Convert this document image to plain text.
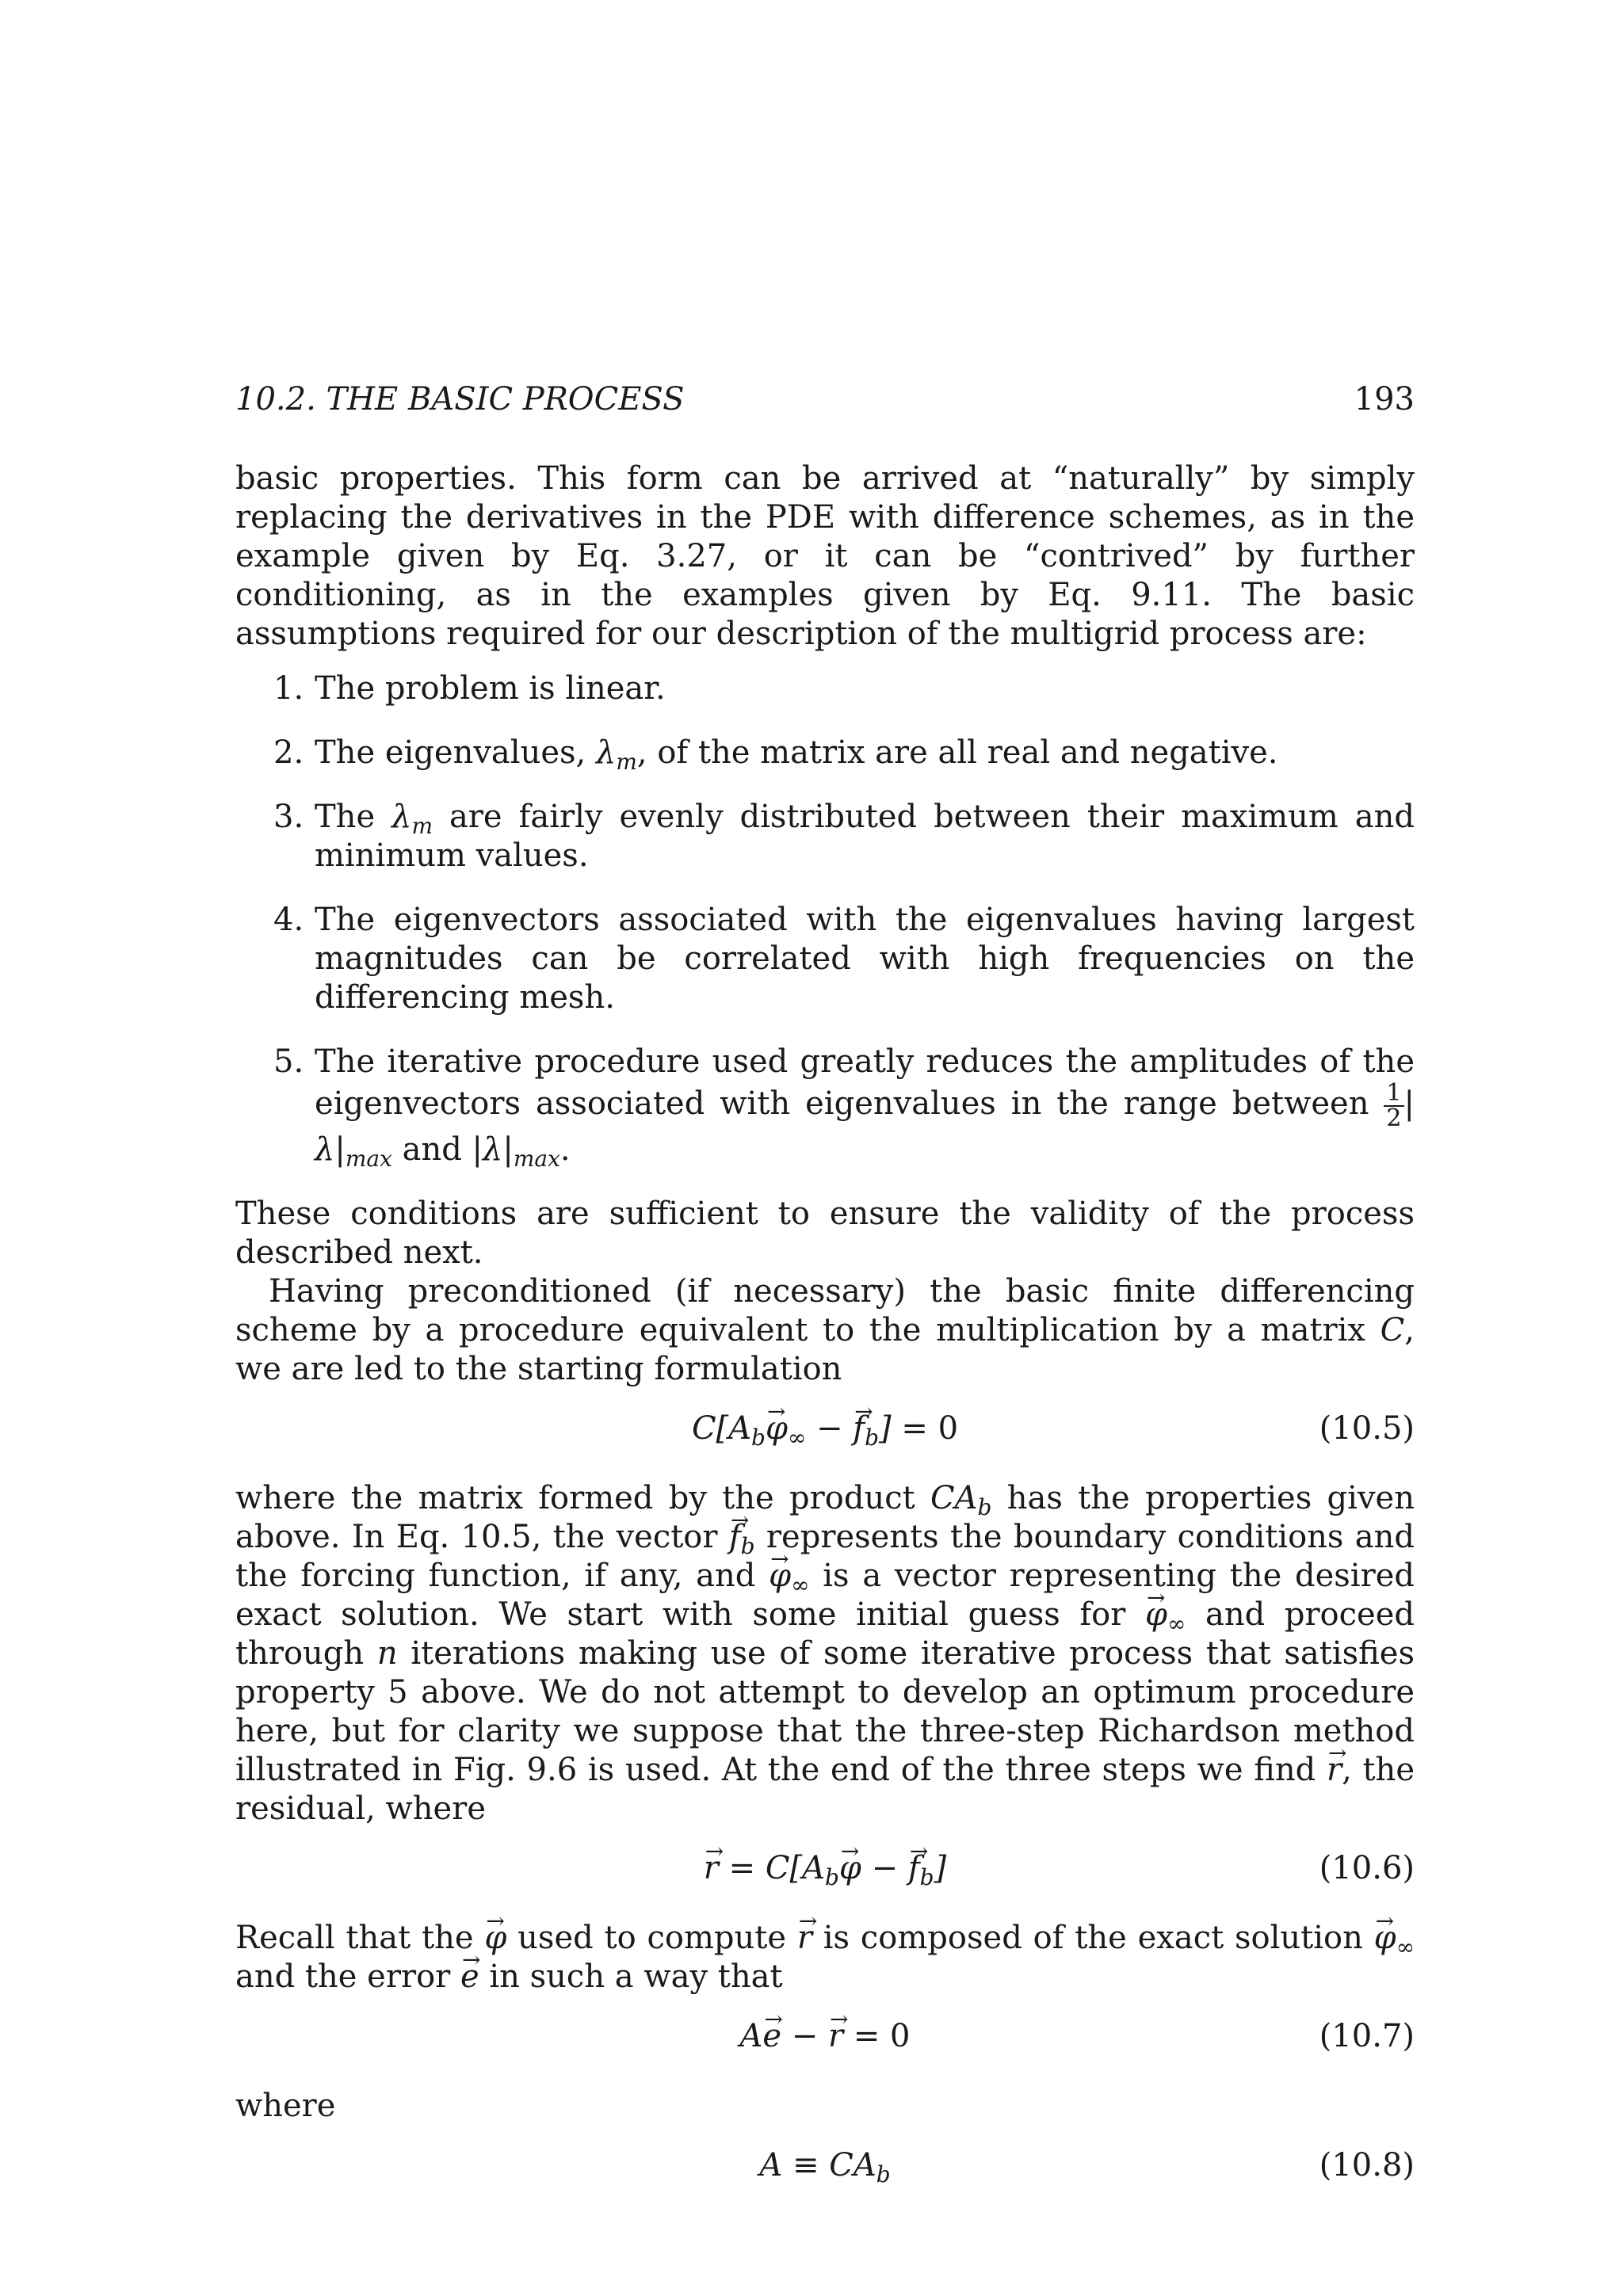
10.2. THE BASIC PROCESS	193

basic properties. This form can be arrived at “naturally” by simply replacing the derivatives in the PDE with difference schemes, as in the example given by Eq. 3.27, or it can be “contrived” by further conditioning, as in the examples given by Eq. 9.11. The basic assumptions required for our description of the multigrid process are:

1. The problem is linear.
2. The eigenvalues, $\lambda_m$, of the matrix are all real and negative.
3. The $\lambda_m$ are fairly evenly distributed between their maximum and minimum values.
4. The eigenvectors associated with the eigenvalues having largest magnitudes can be correlated with high frequencies on the differencing mesh.
5. The iterative procedure used greatly reduces the amplitudes of the eigenvectors associated with eigenvalues in the range between $\frac{1}{2} |\lambda|_{max}$ and $|\lambda|_{max}$.

These conditions are sufficient to ensure the validity of the process described next.

Having preconditioned (if necessary) the basic finite differencing scheme by a procedure equivalent to the multiplication by a matrix C, we are led to the starting formulation

$C[A_b\to \varphi_\infty$ − → $f_b] = 0$	(10.5)

where the matrix formed by the product $CA_b$ has the properties given above. In Eq. 10.5, the vector → $f_b$ represents the boundary conditions and the forcing function, if any, and → $\varphi_\infty$ is a vector representing the desired exact solution. We start with some initial guess for → $\varphi_\infty$ and proceed through n iterations making use of some iterative process that satisfies property 5 above. We do not attempt to develop an optimum procedure here, but for clarity we suppose that the three-step Richardson method illustrated in Fig. 9.6 is used. At the end of the three steps we find → r, the residual, where

→ $r = C[A_b\to \varphi$ − → $f_b$]	(10.6)

Recall that the → φ used to compute → r is composed of the exact solution → $\varphi_\infty$ and the error → e in such a way that

A→ e − → r = 0	(10.7)

where

$A \equiv CA_b$	(10.8)
